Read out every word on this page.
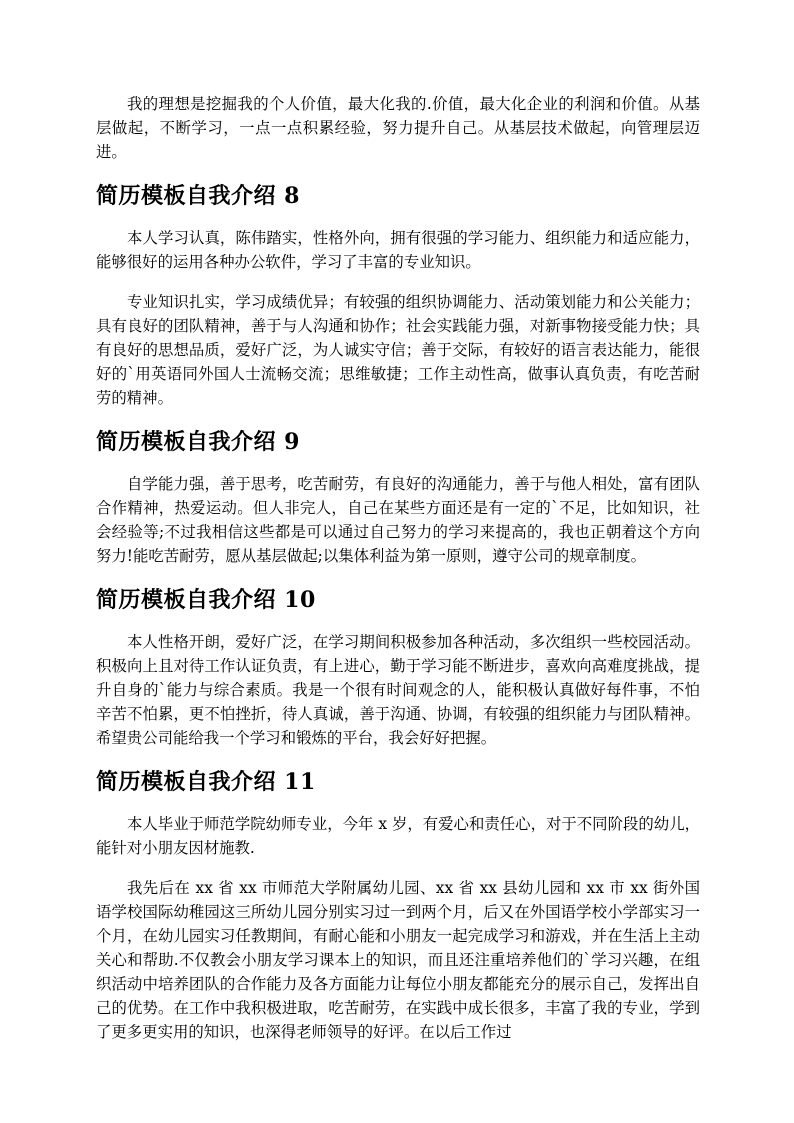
我的理想是挖掘我的个人价值，最大化我的.价值，最大化企业的利润和价值。从基层做起，不断学习，一点一点积累经验，努力提升自己。从基层技术做起，向管理层迈进。

简历模板自我介绍 8

本人学习认真，陈伟踏实，性格外向，拥有很强的学习能力、组织能力和适应能力，能够很好的运用各种办公软件，学习了丰富的专业知识。

专业知识扎实，学习成绩优异；有较强的组织协调能力、活动策划能力和公关能力；具有良好的团队精神，善于与人沟通和协作；社会实践能力强，对新事物接受能力快；具有良好的思想品质，爱好广泛，为人诚实守信；善于交际，有较好的语言表达能力，能很好的`用英语同外国人士流畅交流；思维敏捷；工作主动性高，做事认真负责，有吃苦耐劳的精神。

简历模板自我介绍 9

自学能力强，善于思考，吃苦耐劳，有良好的沟通能力，善于与他人相处，富有团队合作精神，热爱运动。但人非完人，自己在某些方面还是有一定的`不足，比如知识，社会经验等;不过我相信这些都是可以通过自己努力的学习来提高的，我也正朝着这个方向努力!能吃苦耐劳，愿从基层做起;以集体利益为第一原则，遵守公司的规章制度。

简历模板自我介绍 10

本人性格开朗，爱好广泛，在学习期间积极参加各种活动，多次组织一些校园活动。积极向上且对待工作认证负责，有上进心，勤于学习能不断进步，喜欢向高难度挑战，提升自身的`能力与综合素质。我是一个很有时间观念的人，能积极认真做好每件事，不怕辛苦不怕累，更不怕挫折，待人真诚，善于沟通、协调，有较强的组织能力与团队精神。希望贵公司能给我一个学习和锻炼的平台，我会好好把握。

简历模板自我介绍 11

本人毕业于师范学院幼师专业，今年 x 岁，有爱心和责任心，对于不同阶段的幼儿，能针对小朋友因材施教.

我先后在 xx 省 xx 市师范大学附属幼儿园、xx 省 xx 县幼儿园和 xx 市 xx 街外国语学校国际幼稚园这三所幼儿园分别实习过一到两个月，后又在外国语学校小学部实习一个月，在幼儿园实习任教期间，有耐心能和小朋友一起完成学习和游戏，并在生活上主动关心和帮助.不仅教会小朋友学习课本上的知识，而且还注重培养他们的`学习兴趣，在组织活动中培养团队的合作能力及各方面能力让每位小朋友都能充分的展示自己，发挥出自己的优势。在工作中我积极进取，吃苦耐劳，在实践中成长很多，丰富了我的专业，学到了更多更实用的知识，也深得老师领导的好评。在以后工作过
